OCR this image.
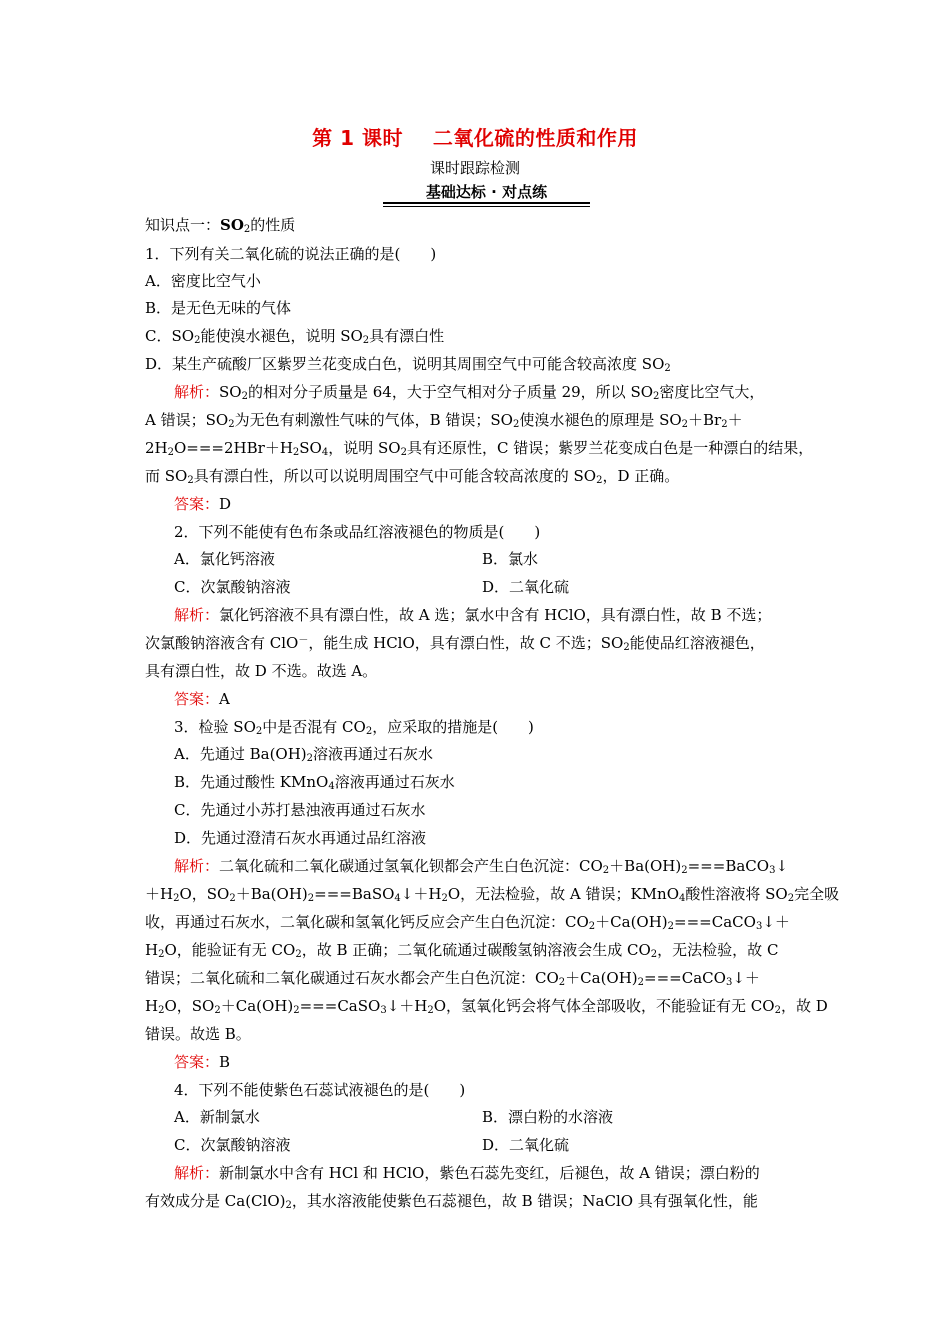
第 1 课时    二氧化硫的性质和作用
课时跟踪检测
基础达标 · 对点练
知识点一：$SO_2$的性质
1．下列有关二氧化硫的说法正确的是(　　)
A．密度比空气小
B．是无色无味的气体
C．$SO_2$能使溴水褪色，说明 $SO_2$具有漂白性
D．某生产硫酸厂区紫罗兰花变成白色，说明其周围空气中可能含较高浓度 $SO_2$
解析：$SO_2$的相对分子质量是 64，大于空气相对分子质量 29，所以 $SO_2$密度比空气大，
A 错误；$SO_2$为无色有刺激性气味的气体，B 错误；$SO_2$使溴水褪色的原理是 $SO_2+Br_2+$
$2H_2O===2HBr+H_2SO_4$，说明 $SO_2$具有还原性，C 错误；紫罗兰花变成白色是一种漂白的结果，
而 $SO_2$具有漂白性，所以可以说明周围空气中可能含较高浓度的 $SO_2$，D 正确。
答案：D
2．下列不能使有色布条或品红溶液褪色的物质是(　　)
A．氯化钙溶液	B．氯水
C．次氯酸钠溶液	D．二氧化硫
解析：氯化钙溶液不具有漂白性，故 A 选；氯水中含有 HClO，具有漂白性，故 B 不选；
次氯酸钠溶液含有 ClO－，能生成 HClO，具有漂白性，故 C 不选；$SO_2$能使品红溶液褪色，
具有漂白性，故 D 不选。故选 A。
答案：A
3．检验 $SO_2$中是否混有 $CO_2$，应采取的措施是(　　)
A．先通过 $Ba(OH)_2$溶液再通过石灰水
B．先通过酸性 KMnO$_4$溶液再通过石灰水
C．先通过小苏打悬浊液再通过石灰水
D．先通过澄清石灰水再通过品红溶液
解析：二氧化硫和二氧化碳通过氢氧化钡都会产生白色沉淀：$CO_2+Ba(OH)_2===BaCO_3↓$
$+H_2O$，$SO_2+Ba(OH)_2===BaSO_4↓+H_2O$，无法检验，故 A 错误；KMnO$_4$酸性溶液将 $SO_2$完全吸
收，再通过石灰水，二氧化碳和氢氧化钙反应会产生白色沉淀：$CO_2+Ca(OH)_2===CaCO_3↓+$
$H_2O$，能验证有无 $CO_2$，故 B 正确；二氧化硫通过碳酸氢钠溶液会生成 $CO_2$，无法检验，故 C
错误；二氧化硫和二氧化碳通过石灰水都会产生白色沉淀：$CO_2+Ca(OH)_2===CaCO_3↓+$
$H_2O$，$SO_2+Ca(OH)_2===CaSO_3↓+H_2O$，氢氧化钙会将气体全部吸收，不能验证有无 $CO_2$，故 D
错误。故选 B。
答案：B
4．下列不能使紫色石蕊试液褪色的是(　　)
A．新制氯水	B．漂白粉的水溶液
C．次氯酸钠溶液	D．二氧化硫
解析：新制氯水中含有 HCl 和 HClO，紫色石蕊先变红，后褪色，故 A 错误；漂白粉的
有效成分是 $Ca(ClO)_2$，其水溶液能使紫色石蕊褪色，故 B 错误；NaClO 具有强氧化性，能
